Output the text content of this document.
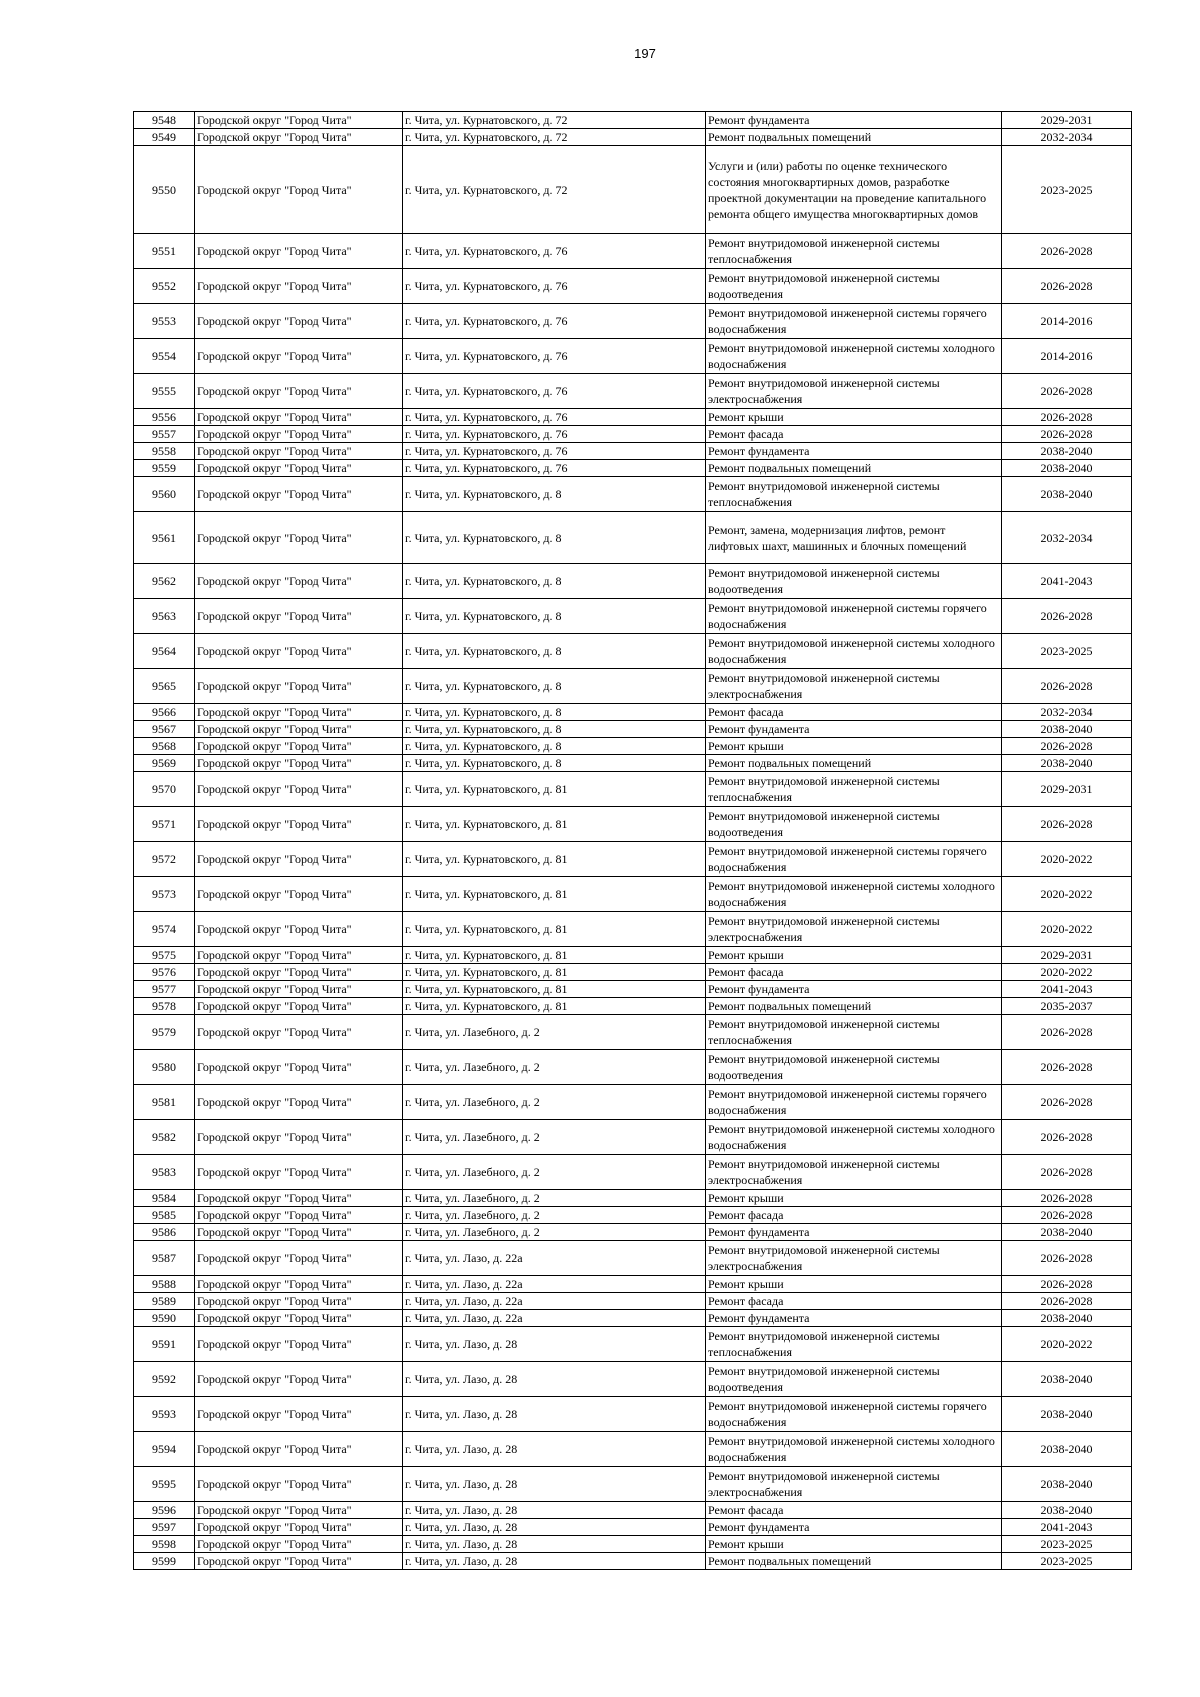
197
9548	Городской округ "Город Чита"	г. Чита, ул. Курнатовского, д. 72	Ремонт фундамента	2029-2031
9549	Городской округ "Город Чита"	г. Чита, ул. Курнатовского, д. 72	Ремонт подвальных помещений	2032-2034
9550	Городской округ "Город Чита"	г. Чита, ул. Курнатовского, д. 72	Услуги и (или) работы по оценке технического состояния многоквартирных домов, разработке проектной документации на проведение капитального ремонта общего имущества многоквартирных домов	2023-2025
9551	Городской округ "Город Чита"	г. Чита, ул. Курнатовского, д. 76	Ремонт внутридомовой инженерной системы теплоснабжения	2026-2028
9552	Городской округ "Город Чита"	г. Чита, ул. Курнатовского, д. 76	Ремонт внутридомовой инженерной системы водоотведения	2026-2028
9553	Городской округ "Город Чита"	г. Чита, ул. Курнатовского, д. 76	Ремонт внутридомовой инженерной системы горячего водоснабжения	2014-2016
9554	Городской округ "Город Чита"	г. Чита, ул. Курнатовского, д. 76	Ремонт внутридомовой инженерной системы холодного водоснабжения	2014-2016
9555	Городской округ "Город Чита"	г. Чита, ул. Курнатовского, д. 76	Ремонт внутридомовой инженерной системы электроснабжения	2026-2028
9556	Городской округ "Город Чита"	г. Чита, ул. Курнатовского, д. 76	Ремонт крыши	2026-2028
9557	Городской округ "Город Чита"	г. Чита, ул. Курнатовского, д. 76	Ремонт фасада	2026-2028
9558	Городской округ "Город Чита"	г. Чита, ул. Курнатовского, д. 76	Ремонт фундамента	2038-2040
9559	Городской округ "Город Чита"	г. Чита, ул. Курнатовского, д. 76	Ремонт подвальных помещений	2038-2040
9560	Городской округ "Город Чита"	г. Чита, ул. Курнатовского, д. 8	Ремонт внутридомовой инженерной системы теплоснабжения	2038-2040
9561	Городской округ "Город Чита"	г. Чита, ул. Курнатовского, д. 8	Ремонт, замена, модернизация лифтов, ремонт лифтовых шахт, машинных и блочных помещений	2032-2034
9562	Городской округ "Город Чита"	г. Чита, ул. Курнатовского, д. 8	Ремонт внутридомовой инженерной системы водоотведения	2041-2043
9563	Городской округ "Город Чита"	г. Чита, ул. Курнатовского, д. 8	Ремонт внутридомовой инженерной системы горячего водоснабжения	2026-2028
9564	Городской округ "Город Чита"	г. Чита, ул. Курнатовского, д. 8	Ремонт внутридомовой инженерной системы холодного водоснабжения	2023-2025
9565	Городской округ "Город Чита"	г. Чита, ул. Курнатовского, д. 8	Ремонт внутридомовой инженерной системы электроснабжения	2026-2028
9566	Городской округ "Город Чита"	г. Чита, ул. Курнатовского, д. 8	Ремонт фасада	2032-2034
9567	Городской округ "Город Чита"	г. Чита, ул. Курнатовского, д. 8	Ремонт фундамента	2038-2040
9568	Городской округ "Город Чита"	г. Чита, ул. Курнатовского, д. 8	Ремонт крыши	2026-2028
9569	Городской округ "Город Чита"	г. Чита, ул. Курнатовского, д. 8	Ремонт подвальных помещений	2038-2040
9570	Городской округ "Город Чита"	г. Чита, ул. Курнатовского, д. 81	Ремонт внутридомовой инженерной системы теплоснабжения	2029-2031
9571	Городской округ "Город Чита"	г. Чита, ул. Курнатовского, д. 81	Ремонт внутридомовой инженерной системы водоотведения	2026-2028
9572	Городской округ "Город Чита"	г. Чита, ул. Курнатовского, д. 81	Ремонт внутридомовой инженерной системы горячего водоснабжения	2020-2022
9573	Городской округ "Город Чита"	г. Чита, ул. Курнатовского, д. 81	Ремонт внутридомовой инженерной системы холодного водоснабжения	2020-2022
9574	Городской округ "Город Чита"	г. Чита, ул. Курнатовского, д. 81	Ремонт внутридомовой инженерной системы электроснабжения	2020-2022
9575	Городской округ "Город Чита"	г. Чита, ул. Курнатовского, д. 81	Ремонт крыши	2029-2031
9576	Городской округ "Город Чита"	г. Чита, ул. Курнатовского, д. 81	Ремонт фасада	2020-2022
9577	Городской округ "Город Чита"	г. Чита, ул. Курнатовского, д. 81	Ремонт фундамента	2041-2043
9578	Городской округ "Город Чита"	г. Чита, ул. Курнатовского, д. 81	Ремонт подвальных помещений	2035-2037
9579	Городской округ "Город Чита"	г. Чита, ул. Лазебного, д. 2	Ремонт внутридомовой инженерной системы теплоснабжения	2026-2028
9580	Городской округ "Город Чита"	г. Чита, ул. Лазебного, д. 2	Ремонт внутридомовой инженерной системы водоотведения	2026-2028
9581	Городской округ "Город Чита"	г. Чита, ул. Лазебного, д. 2	Ремонт внутридомовой инженерной системы горячего водоснабжения	2026-2028
9582	Городской округ "Город Чита"	г. Чита, ул. Лазебного, д. 2	Ремонт внутридомовой инженерной системы холодного водоснабжения	2026-2028
9583	Городской округ "Город Чита"	г. Чита, ул. Лазебного, д. 2	Ремонт внутридомовой инженерной системы электроснабжения	2026-2028
9584	Городской округ "Город Чита"	г. Чита, ул. Лазебного, д. 2	Ремонт крыши	2026-2028
9585	Городской округ "Город Чита"	г. Чита, ул. Лазебного, д. 2	Ремонт фасада	2026-2028
9586	Городской округ "Город Чита"	г. Чита, ул. Лазебного, д. 2	Ремонт фундамента	2038-2040
9587	Городской округ "Город Чита"	г. Чита, ул. Лазо, д. 22а	Ремонт внутридомовой инженерной системы электроснабжения	2026-2028
9588	Городской округ "Город Чита"	г. Чита, ул. Лазо, д. 22а	Ремонт крыши	2026-2028
9589	Городской округ "Город Чита"	г. Чита, ул. Лазо, д. 22а	Ремонт фасада	2026-2028
9590	Городской округ "Город Чита"	г. Чита, ул. Лазо, д. 22а	Ремонт фундамента	2038-2040
9591	Городской округ "Город Чита"	г. Чита, ул. Лазо, д. 28	Ремонт внутридомовой инженерной системы теплоснабжения	2020-2022
9592	Городской округ "Город Чита"	г. Чита, ул. Лазо, д. 28	Ремонт внутридомовой инженерной системы водоотведения	2038-2040
9593	Городской округ "Город Чита"	г. Чита, ул. Лазо, д. 28	Ремонт внутридомовой инженерной системы горячего водоснабжения	2038-2040
9594	Городской округ "Город Чита"	г. Чита, ул. Лазо, д. 28	Ремонт внутридомовой инженерной системы холодного водоснабжения	2038-2040
9595	Городской округ "Город Чита"	г. Чита, ул. Лазо, д. 28	Ремонт внутридомовой инженерной системы электроснабжения	2038-2040
9596	Городской округ "Город Чита"	г. Чита, ул. Лазо, д. 28	Ремонт фасада	2038-2040
9597	Городской округ "Город Чита"	г. Чита, ул. Лазо, д. 28	Ремонт фундамента	2041-2043
9598	Городской округ "Город Чита"	г. Чита, ул. Лазо, д. 28	Ремонт крыши	2023-2025
9599	Городской округ "Город Чита"	г. Чита, ул. Лазо, д. 28	Ремонт подвальных помещений	2023-2025
